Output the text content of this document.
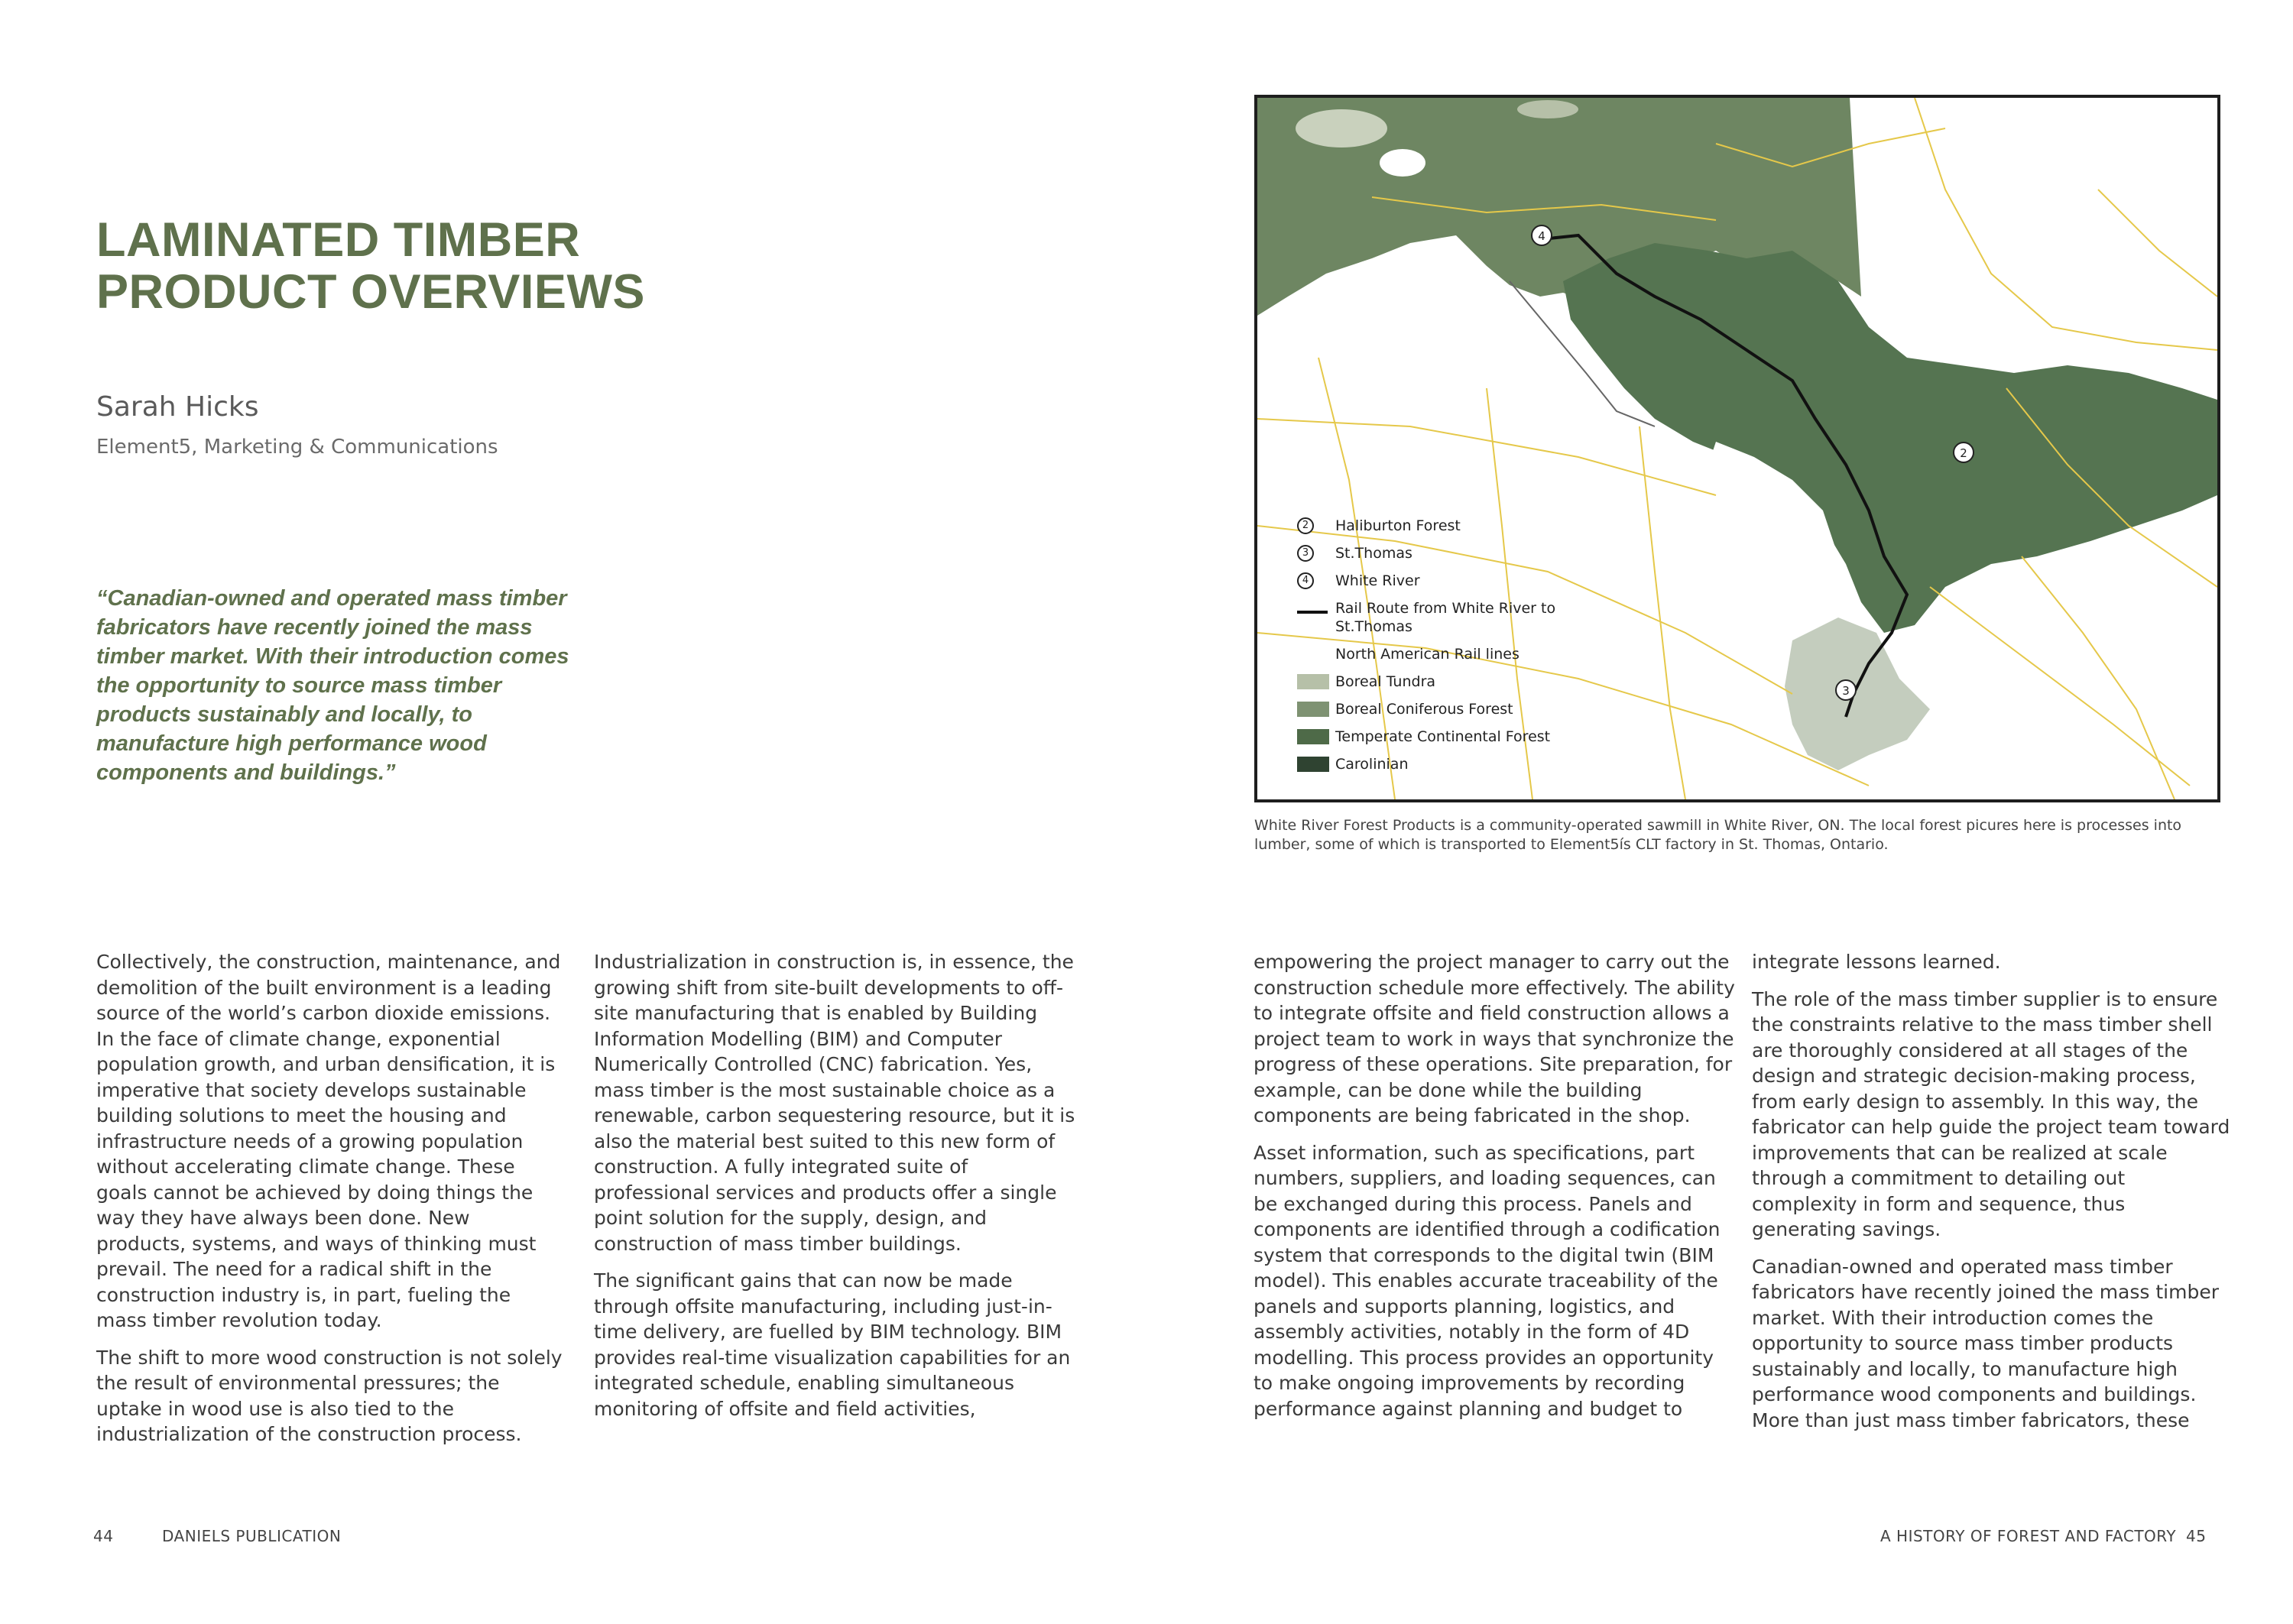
LAMINATED TIMBER
PRODUCT OVERVIEWS
Sarah Hicks
Element5, Marketing & Communications

“Canadian-owned and operated mass timber fabricators have recently joined the mass timber market. With their introduction comes the opportunity to source mass timber products sustainably and locally, to manufacture high performance wood components and buildings.”

Collectively, the construction, maintenance, and demolition of the built environment is a leading source of the world’s carbon dioxide emissions. In the face of climate change, exponential population growth, and urban densification, it is imperative that society develops sustainable building solutions to meet the housing and infrastructure needs of a growing population without accelerating climate change. These goals cannot be achieved by doing things the way they have always been done. New products, systems, and ways of thinking must prevail. The need for a radical shift in the construction industry is, in part, fueling the mass timber revolution today.

The shift to more wood construction is not solely the result of environmental pressures; the uptake in wood use is also tied to the industrialization of the construction process.

Industrialization in construction is, in essence, the growing shift from site-built developments to off-site manufacturing that is enabled by Building Information Modelling (BIM) and Computer Numerically Controlled (CNC) fabrication. Yes, mass timber is the most sustainable choice as a renewable, carbon sequestering resource, but it is also the material best suited to this new form of construction. A fully integrated suite of professional services and products offer a single point solution for the supply, design, and construction of mass timber buildings.

The significant gains that can now be made through offsite manufacturing, including just-in-time delivery, are fuelled by BIM technology. BIM provides real-time visualization capabilities for an integrated schedule, enabling simultaneous monitoring of offsite and field activities,

4
2
3
2	Haliburton Forest
3	St.Thomas
4	White River
Rail Route from White River to St.Thomas
North American Rail lines
Boreal Tundra
Boreal Coniferous Forest
Temperate Continental Forest
Carolinian

White River Forest Products is a community-operated sawmill in White River, ON. The local forest picures here is processes into lumber, some of which is transported to Element5ís CLT factory in St. Thomas, Ontario.

empowering the project manager to carry out the construction schedule more effectively. The ability to integrate offsite and field construction allows a project team to work in ways that synchronize the progress of these operations. Site preparation, for example, can be done while the building components are being fabricated in the shop.

Asset information, such as specifications, part numbers, suppliers, and loading sequences, can be exchanged during this process. Panels and components are identified through a codification system that corresponds to the digital twin (BIM model). This enables accurate traceability of the panels and supports planning, logistics, and assembly activities, notably in the form of 4D modelling. This process provides an opportunity to make ongoing improvements by recording performance against planning and budget to

integrate lessons learned.

The role of the mass timber supplier is to ensure the constraints relative to the mass timber shell are thoroughly considered at all stages of the design and strategic decision-making process, from early design to assembly. In this way, the fabricator can help guide the project team toward improvements that can be realized at scale through a commitment to detailing out complexity in form and sequence, thus generating savings.

Canadian-owned and operated mass timber fabricators have recently joined the mass timber market. With their introduction comes the opportunity to source mass timber products sustainably and locally, to manufacture high performance wood components and buildings. More than just mass timber fabricators, these

44	DANIELS PUBLICATION	A HISTORY OF FOREST AND FACTORY 45
